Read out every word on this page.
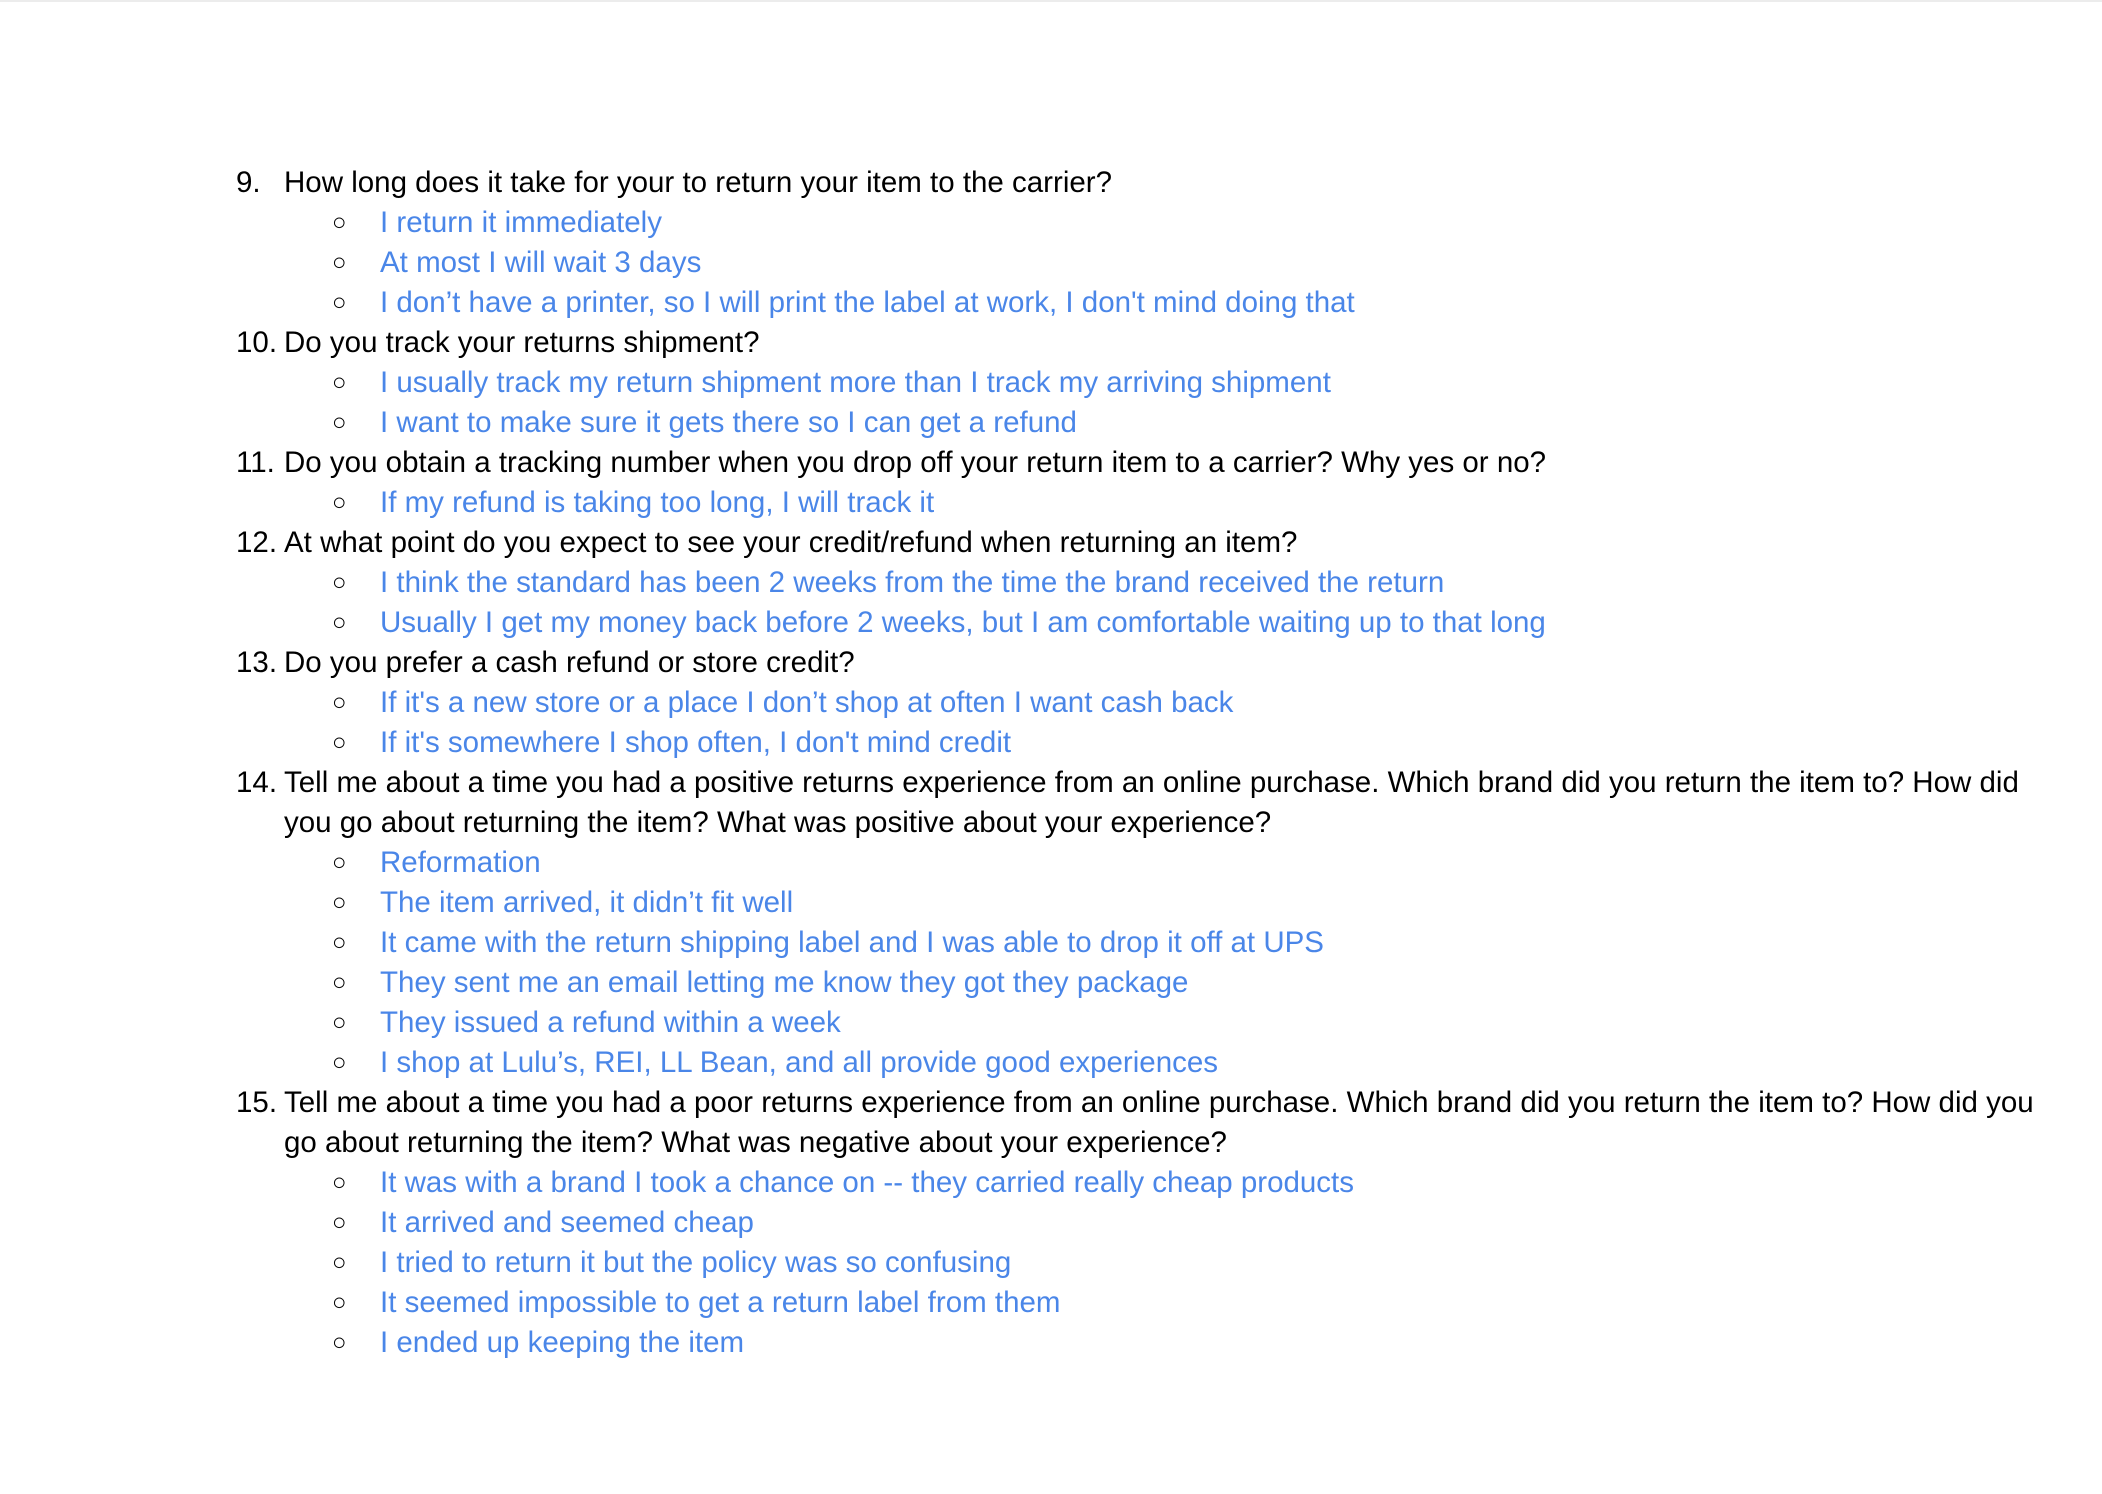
9. How long does it take for your to return your item to the carrier?
○	I return it immediately
○	At most I will wait 3 days
○	I don’t have a printer, so I will print the label at work, I don't mind doing that
10. Do you track your returns shipment?
○	I usually track my return shipment more than I track my arriving shipment
○	I want to make sure it gets there so I can get a refund
11. Do you obtain a tracking number when you drop off your return item to a carrier? Why yes or no?
○	If my refund is taking too long, I will track it
12. At what point do you expect to see your credit/refund when returning an item?
○	I think the standard has been 2 weeks from the time the brand received the return
○	Usually I get my money back before 2 weeks, but I am comfortable waiting up to that long
13. Do you prefer a cash refund or store credit?
○	If it's a new store or a place I don’t shop at often I want cash back
○	If it's somewhere I shop often, I don't mind credit
14. Tell me about a time you had a positive returns experience from an online purchase. Which brand did you return the item to? How did you go about returning the item? What was positive about your experience?
○	Reformation
○	The item arrived, it didn’t fit well
○	It came with the return shipping label and I was able to drop it off at UPS
○	They sent me an email letting me know they got they package
○	They issued a refund within a week
○	I shop at Lulu’s, REI, LL Bean, and all provide good experiences
15. Tell me about a time you had a poor returns experience from an online purchase. Which brand did you return the item to? How did you go about returning the item? What was negative about your experience?
○	It was with a brand I took a chance on -- they carried really cheap products
○	It arrived and seemed cheap
○	I tried to return it but the policy was so confusing
○	It seemed impossible to get a return label from them
○	I ended up keeping the item
